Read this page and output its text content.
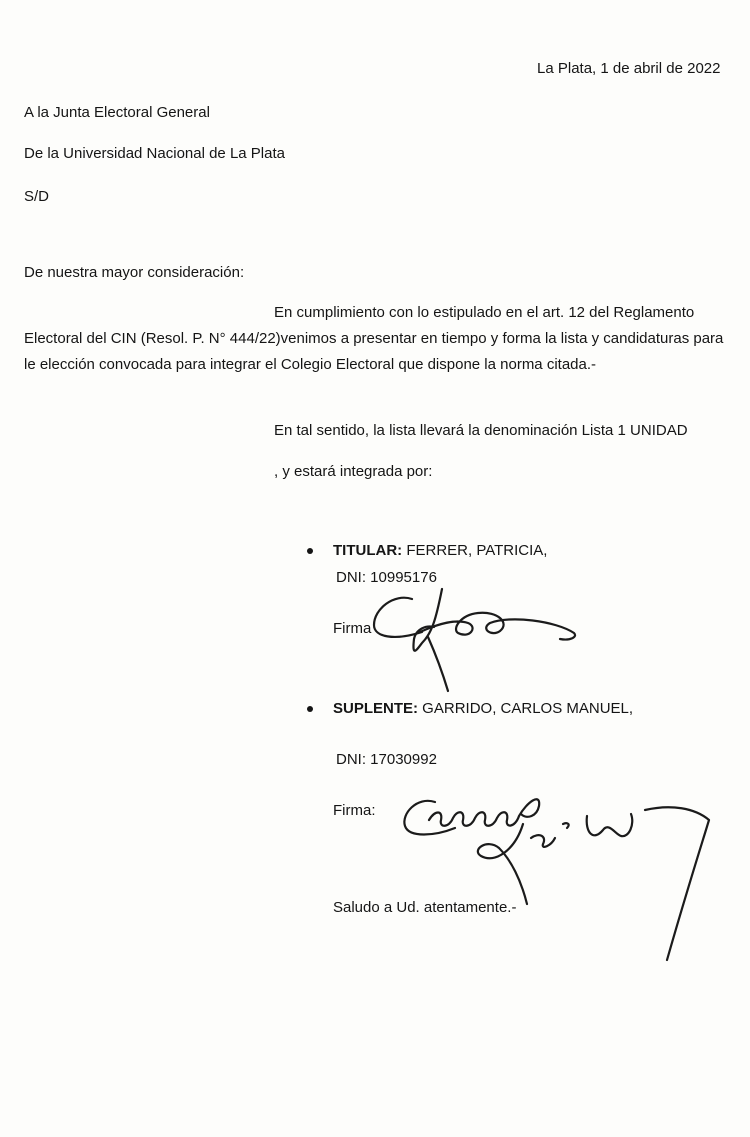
La Plata, 1 de abril de 2022
A la Junta Electoral General
De la Universidad Nacional de La Plata
S/D
De nuestra mayor consideración:
En cumplimiento con lo estipulado en el art. 12 del Reglamento Electoral del CIN (Resol. P. N° 444/22)venimos a presentar en tiempo y forma la lista y candidaturas para le elección convocada para integrar el Colegio Electoral que dispone la norma citada.-
En tal sentido, la lista llevará la denominación Lista 1 UNIDAD
, y estará integrada por:
TITULAR: FERRER, PATRICIA,
DNI: 10995176
Firma
SUPLENTE: GARRIDO, CARLOS MANUEL,
DNI: 17030992
Firma:
Saludo a Ud. atentamente.-
